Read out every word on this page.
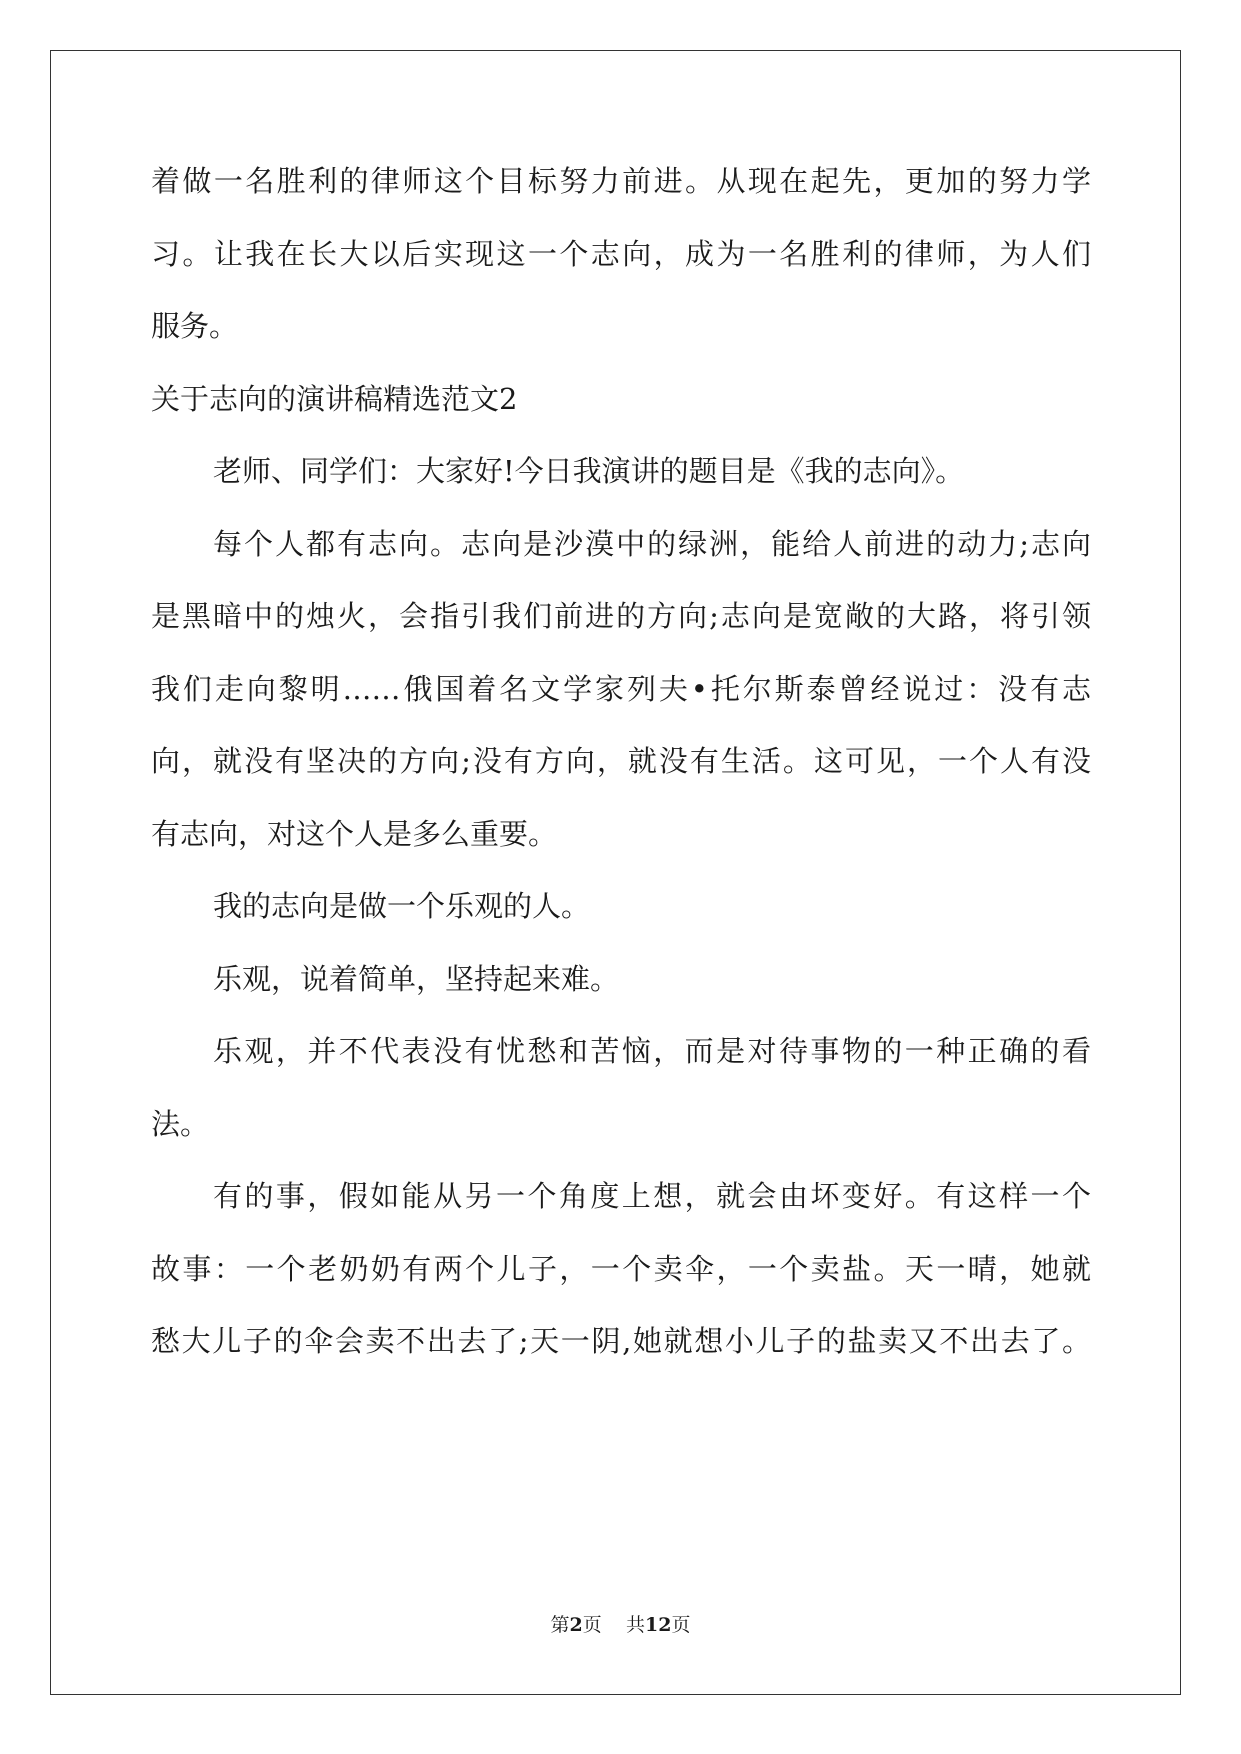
着做一名胜利的律师这个目标努力前进。从现在起先，更加的努力学
习。让我在长大以后实现这一个志向，成为一名胜利的律师，为人们
服务。
关于志向的演讲稿精选范文2
老师、同学们：大家好!今日我演讲的题目是《我的志向》。
每个人都有志向。志向是沙漠中的绿洲，能给人前进的动力;志向
是黑暗中的烛火，会指引我们前进的方向;志向是宽敞的大路，将引领
我们走向黎明……俄国着名文学家列夫•托尔斯泰曾经说过：没有志
向，就没有坚决的方向;没有方向，就没有生活。这可见，一个人有没
有志向，对这个人是多么重要。
我的志向是做一个乐观的人。
乐观，说着简单，坚持起来难。
乐观，并不代表没有忧愁和苦恼，而是对待事物的一种正确的看
法。
有的事，假如能从另一个角度上想，就会由坏变好。有这样一个
故事：一个老奶奶有两个儿子，一个卖伞，一个卖盐。天一晴，她就
愁大儿子的伞会卖不出去了;天一阴,她就想小儿子的盐卖又不出去了。
第2页 共12页
